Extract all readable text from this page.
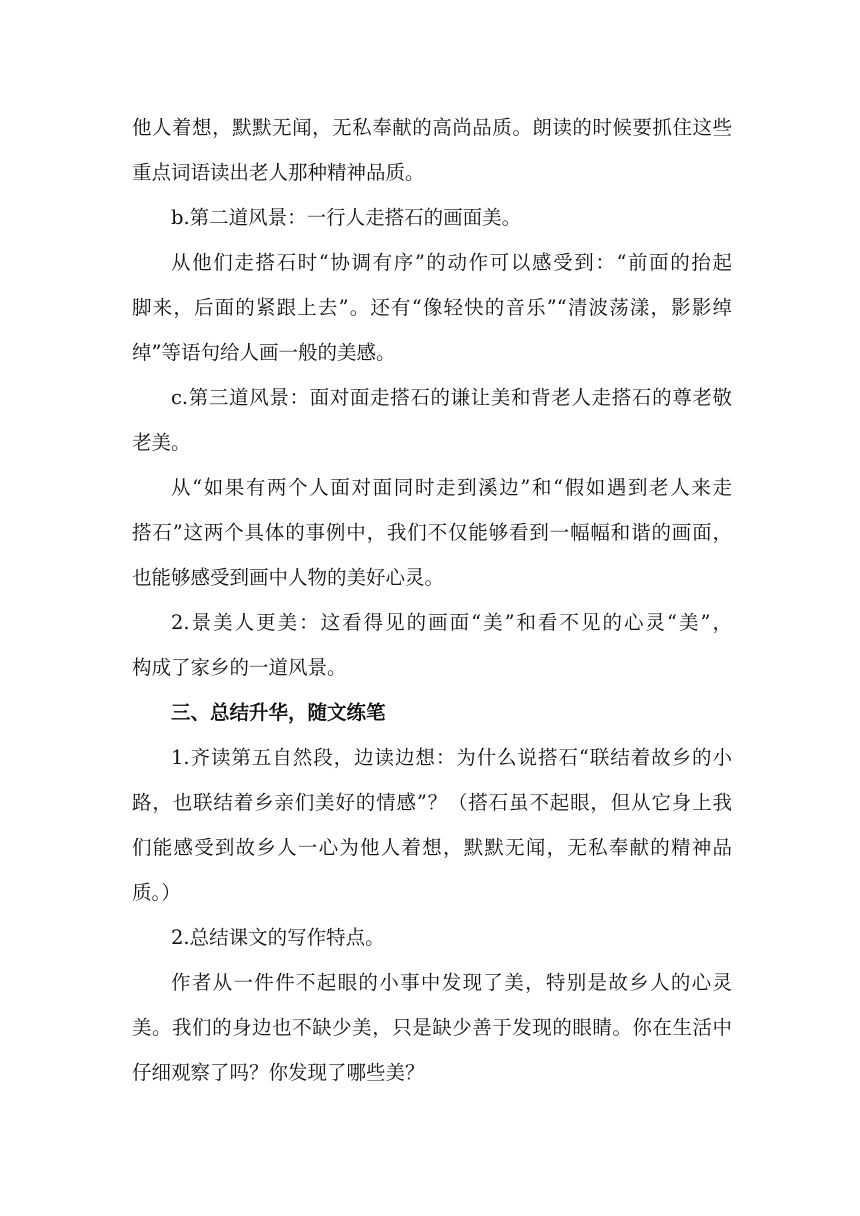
他人着想，默默无闻，无私奉献的高尚品质。朗读的时候要抓住这些
重点词语读出老人那种精神品质。
b.第二道风景：一行人走搭石的画面美。
从他们走搭石时“协调有序”的动作可以感受到：“前面的抬起
脚来，后面的紧跟上去”。还有“像轻快的音乐”“清波荡漾，影影绰
绰”等语句给人画一般的美感。
c.第三道风景：面对面走搭石的谦让美和背老人走搭石的尊老敬
老美。
从“如果有两个人面对面同时走到溪边”和“假如遇到老人来走
搭石”这两个具体的事例中，我们不仅能够看到一幅幅和谐的画面，
也能够感受到画中人物的美好心灵。
2.景美人更美：这看得见的画面“美”和看不见的心灵“美”，
构成了家乡的一道风景。
三、总结升华，随文练笔
1.齐读第五自然段，边读边想：为什么说搭石“联结着故乡的小
路，也联结着乡亲们美好的情感”？（搭石虽不起眼，但从它身上我
们能感受到故乡人一心为他人着想，默默无闻，无私奉献的精神品
质。）
2.总结课文的写作特点。
作者从一件件不起眼的小事中发现了美，特别是故乡人的心灵
美。我们的身边也不缺少美，只是缺少善于发现的眼睛。你在生活中
仔细观察了吗？你发现了哪些美？
